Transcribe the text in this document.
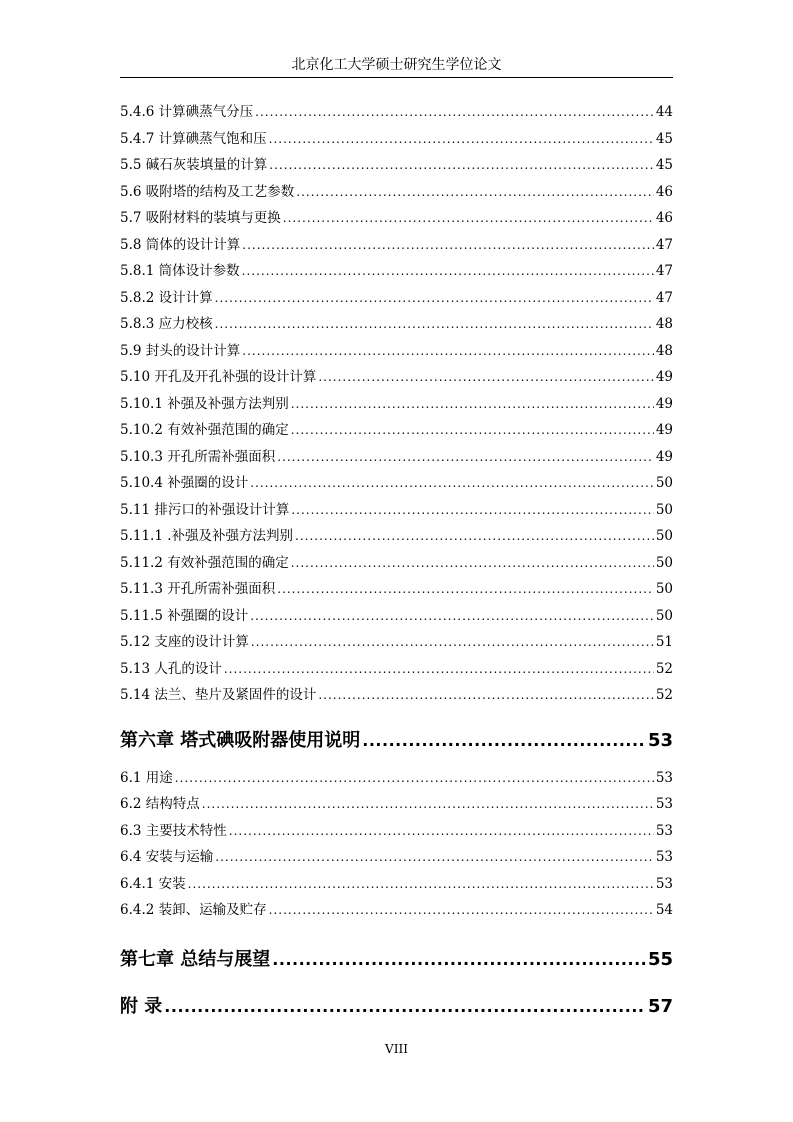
北京化工大学硕士研究生学位论文
5.4.6 计算碘蒸气分压 .....	44
5.4.7 计算碘蒸气饱和压 .....	45
5.5 碱石灰装填量的计算 .....	45
5.6 吸附塔的结构及工艺参数 .....	46
5.7 吸附材料的装填与更换 .....	46
5.8 筒体的设计计算 .....	47
5.8.1 筒体设计参数 .....	47
5.8.2 设计计算 .....	47
5.8.3 应力校核 .....	48
5.9 封头的设计计算 .....	48
5.10 开孔及开孔补强的设计计算 .....	49
5.10.1 补强及补强方法判别 .....	49
5.10.2 有效补强范围的确定 .....	49
5.10.3 开孔所需补强面积 .....	49
5.10.4 补强圈的设计 .....	50
5.11 排污口的补强设计计算 .....	50
5.11.1 .补强及补强方法判别 .....	50
5.11.2 有效补强范围的确定 .....	50
5.11.3 开孔所需补强面积 .....	50
5.11.5 补强圈的设计 .....	50
5.12 支座的设计计算 .....	51
5.13 人孔的设计 .....	52
5.14 法兰、垫片及紧固件的设计 .....	52
第六章 塔式碘吸附器使用说明 .....	53
6.1 用途 .....	53
6.2 结构特点 .....	53
6.3 主要技术特性 .....	53
6.4 安装与运输 .....	53
6.4.1 安装 .....	53
6.4.2 装卸、运输及贮存 .....	54
第七章 总结与展望 .....	55
附 录 .....	57
VIII
